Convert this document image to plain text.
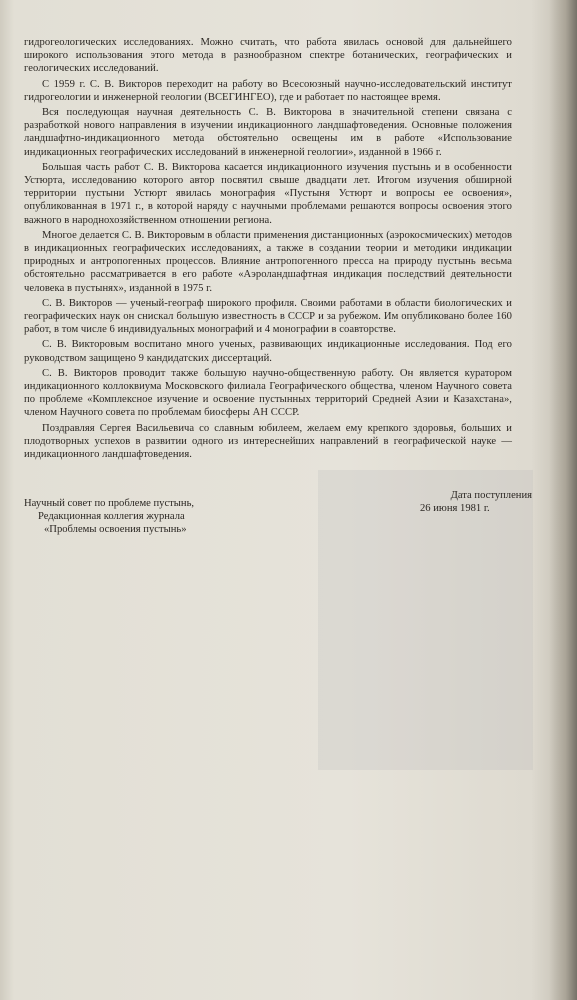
гидрогеологических исследованиях. Можно считать, что работа явилась основой для дальнейшего широкого использования этого метода в разнообразном спектре ботанических, географических и геологических исследований.

С 1959 г. С. В. Викторов переходит на работу во Всесоюзный научно-исследовательский институт гидрогеологии и инженерной геологии (ВСЕГИНГЕО), где и работает по настоящее время.

Вся последующая научная деятельность С. В. Викторова в значительной степени связана с разработкой нового направления в изучении индикационного ландшафтоведения. Основные положения ландшафтно-индикационного метода обстоятельно освещены им в работе «Использование индикационных географических исследований в инженерной геологии», изданной в 1966 г.

Большая часть работ С. В. Викторова касается индикационного изучения пустынь и в особенности Устюрта, исследованию которого автор посвятил свыше двадцати лет. Итогом изучения обширной территории пустыни Устюрт явилась монография «Пустыня Устюрт и вопросы ее освоения», опубликованная в 1971 г., в которой наряду с научными проблемами решаются вопросы освоения этого важного в народнохозяйственном отношении региона.

Многое делается С. В. Викторовым в области применения дистанционных (аэрокосмических) методов в индикационных географических исследованиях, а также в создании теории и методики индикации природных и антропогенных процессов. Влияние антропогенного пресса на природу пустынь весьма обстоятельно рассматривается в его работе «Аэроландшафтная индикация последствий деятельности человека в пустынях», изданной в 1975 г.

С. В. Викторов — ученый-географ широкого профиля. Своими работами в области биологических и географических наук он снискал большую известность в СССР и за рубежом. Им опубликовано более 160 работ, в том числе 6 индивидуальных монографий и 4 монографии в соавторстве.

С. В. Викторовым воспитано много ученых, развивающих индикационные исследования. Под его руководством защищено 9 кандидатских диссертаций.

С. В. Викторов проводит также большую научно-общественную работу. Он является куратором индикационного коллоквиума Московского филиала Географического общества, членом Научного совета по проблеме «Комплексное изучение и освоение пустынных территорий Средней Азии и Казахстана», членом Научного совета по проблемам биосферы АН СССР.

Поздравляя Сергея Васильевича со славным юбилеем, желаем ему крепкого здоровья, больших и плодотворных успехов в развитии одного из интереснейших направлений в географической науке — индикационного ландшафтоведения.

Научный совет по проблеме пустынь,
Редакционная коллегия журнала
«Проблемы освоения пустынь»
Дата поступления
26 июня 1981 г.
